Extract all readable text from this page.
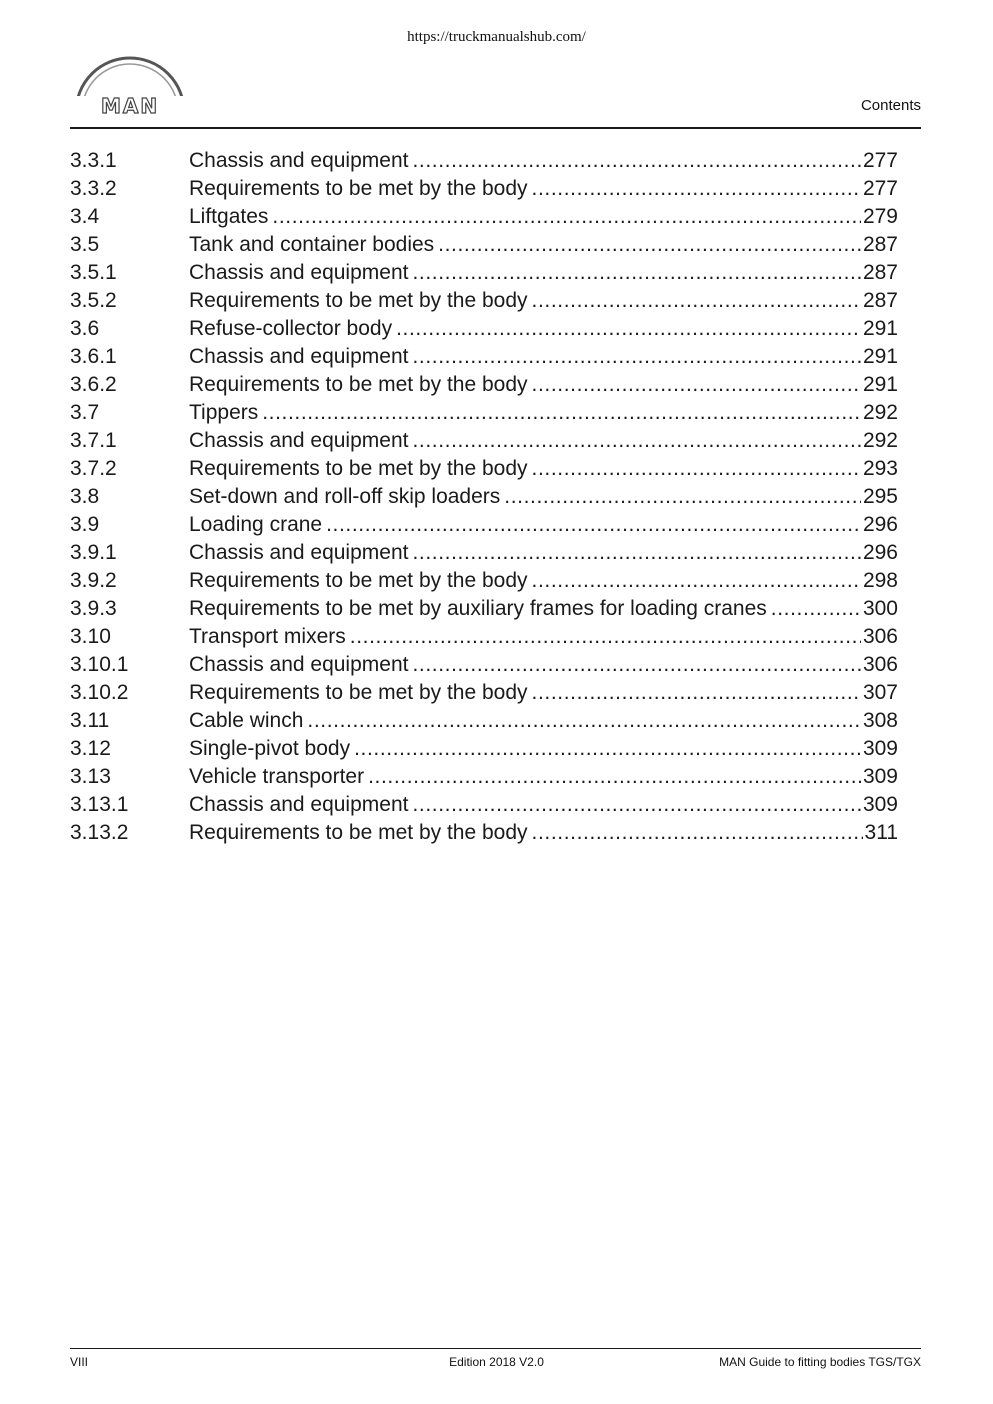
https://truckmanualshub.com/
MAN	Contents
3.3.1	Chassis and equipment .....	277
3.3.2	Requirements to be met by the body .....	277
3.4	Liftgates .....	279
3.5	Tank and container bodies .....	287
3.5.1	Chassis and equipment .....	287
3.5.2	Requirements to be met by the body .....	287
3.6	Refuse-collector body .....	291
3.6.1	Chassis and equipment .....	291
3.6.2	Requirements to be met by the body .....	291
3.7	Tippers .....	292
3.7.1	Chassis and equipment .....	292
3.7.2	Requirements to be met by the body .....	293
3.8	Set-down and roll-off skip loaders .....	295
3.9	Loading crane .....	296
3.9.1	Chassis and equipment .....	296
3.9.2	Requirements to be met by the body .....	298
3.9.3	Requirements to be met by auxiliary frames for loading cranes .....	300
3.10	Transport mixers .....	306
3.10.1	Chassis and equipment .....	306
3.10.2	Requirements to be met by the body .....	307
3.11	Cable winch .....	308
3.12	Single-pivot body .....	309
3.13	Vehicle transporter .....	309
3.13.1	Chassis and equipment .....	309
3.13.2	Requirements to be met by the body .....	311
VIII	Edition 2018 V2.0	MAN Guide to fitting bodies TGS/TGX
